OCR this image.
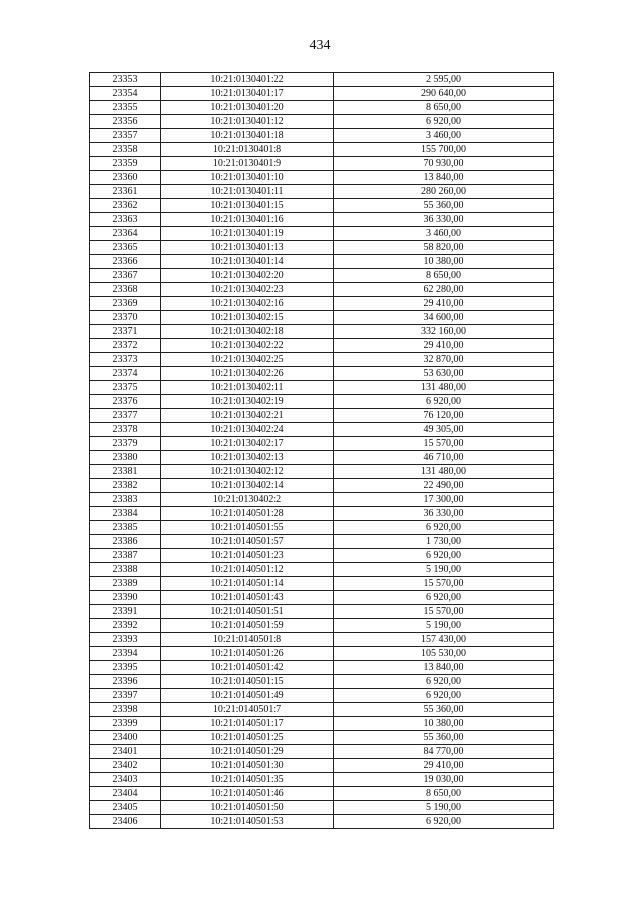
434
23353	10:21:0130401:22	2 595,00
23354	10:21:0130401:17	290 640,00
23355	10:21:0130401:20	8 650,00
23356	10:21:0130401:12	6 920,00
23357	10:21:0130401:18	3 460,00
23358	10:21:0130401:8	155 700,00
23359	10:21:0130401:9	70 930,00
23360	10:21:0130401:10	13 840,00
23361	10:21:0130401:11	280 260,00
23362	10:21:0130401:15	55 360,00
23363	10:21:0130401:16	36 330,00
23364	10:21:0130401:19	3 460,00
23365	10:21:0130401:13	58 820,00
23366	10:21:0130401:14	10 380,00
23367	10:21:0130402:20	8 650,00
23368	10:21:0130402:23	62 280,00
23369	10:21:0130402:16	29 410,00
23370	10:21:0130402:15	34 600,00
23371	10:21:0130402:18	332 160,00
23372	10:21:0130402:22	29 410,00
23373	10:21:0130402:25	32 870,00
23374	10:21:0130402:26	53 630,00
23375	10:21:0130402:11	131 480,00
23376	10:21:0130402:19	6 920,00
23377	10:21:0130402:21	76 120,00
23378	10:21:0130402:24	49 305,00
23379	10:21:0130402:17	15 570,00
23380	10:21:0130402:13	46 710,00
23381	10:21:0130402:12	131 480,00
23382	10:21:0130402:14	22 490,00
23383	10:21:0130402:2	17 300,00
23384	10:21:0140501:28	36 330,00
23385	10:21:0140501:55	6 920,00
23386	10:21:0140501:57	1 730,00
23387	10:21:0140501:23	6 920,00
23388	10:21:0140501:12	5 190,00
23389	10:21:0140501:14	15 570,00
23390	10:21:0140501:43	6 920,00
23391	10:21:0140501:51	15 570,00
23392	10:21:0140501:59	5 190,00
23393	10:21:0140501:8	157 430,00
23394	10:21:0140501:26	105 530,00
23395	10:21:0140501:42	13 840,00
23396	10:21:0140501:15	6 920,00
23397	10:21:0140501:49	6 920,00
23398	10:21:0140501:7	55 360,00
23399	10:21:0140501:17	10 380,00
23400	10:21:0140501:25	55 360,00
23401	10:21:0140501:29	84 770,00
23402	10:21:0140501:30	29 410,00
23403	10:21:0140501:35	19 030,00
23404	10:21:0140501:46	8 650,00
23405	10:21:0140501:50	5 190,00
23406	10:21:0140501:53	6 920,00
